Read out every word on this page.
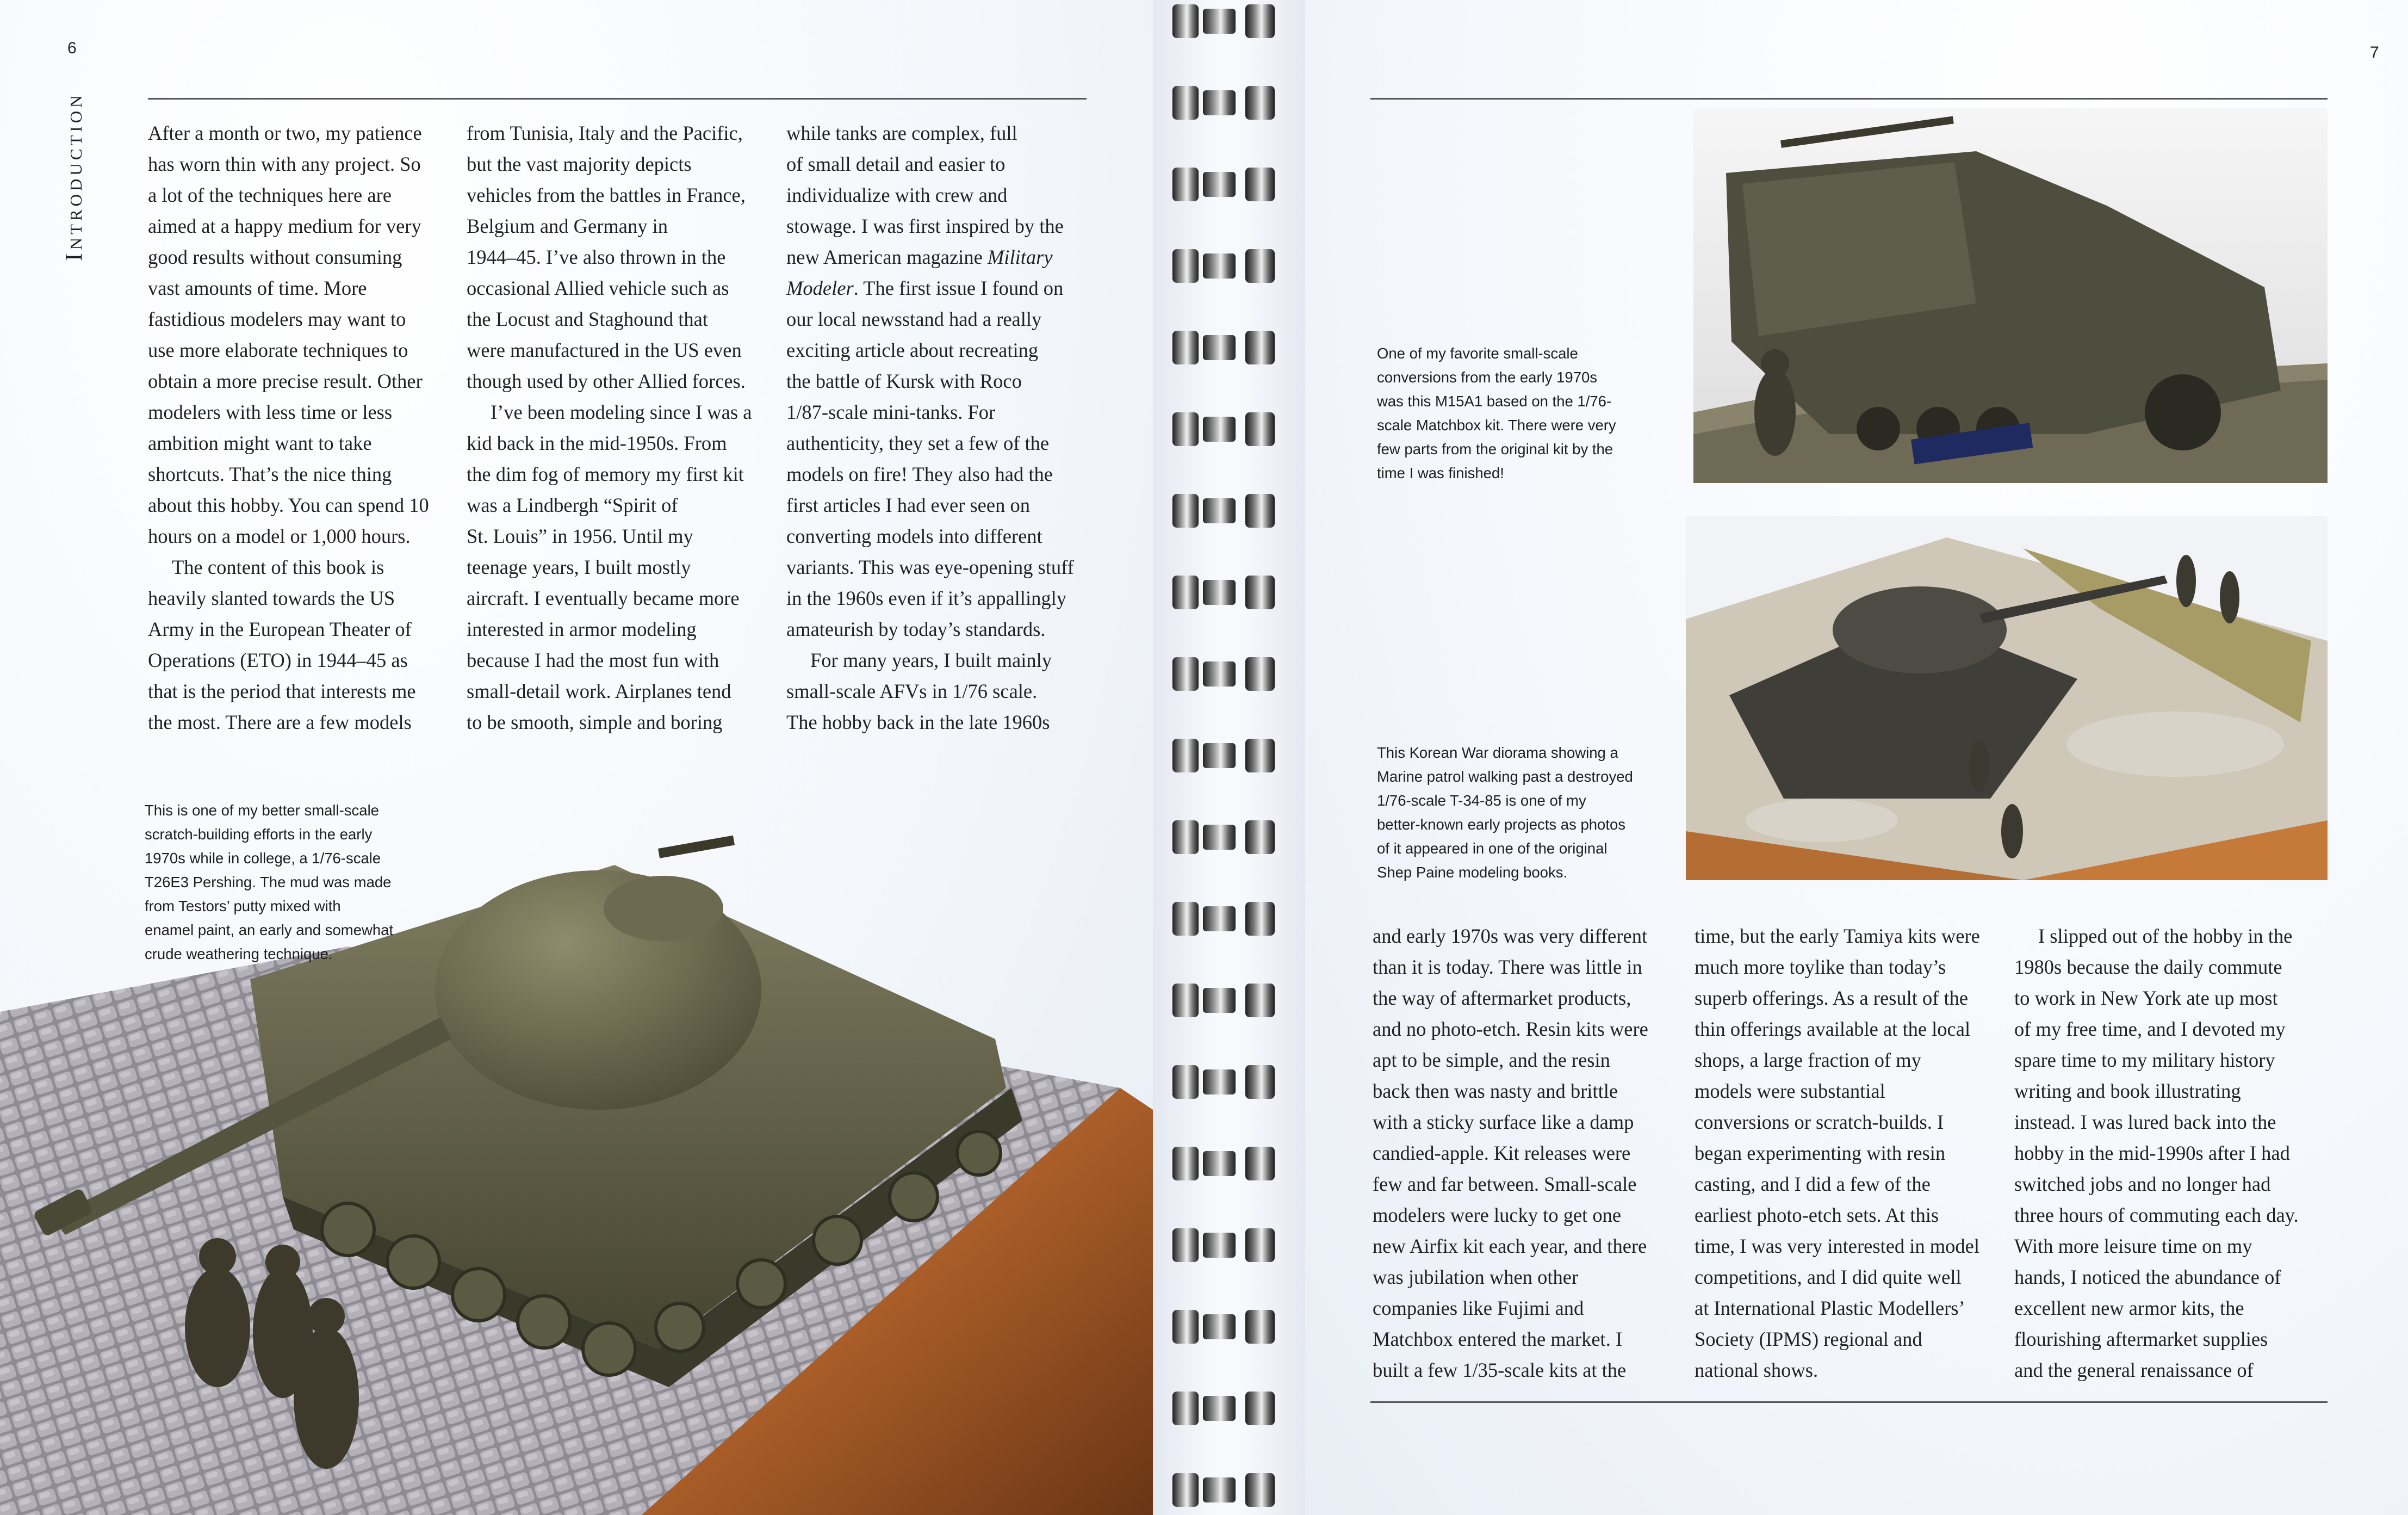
6
Introduction	After a month or two, my patience
has worn thin with any project. So
a lot of the techniques here are
aimed at a happy medium for very
good results without consuming
vast amounts of time. More
fastidious modelers may want to
use more elaborate techniques to
obtain a more precise result. Other
modelers with less time or less
ambition might want to take
shortcuts. That’s the nice thing
about this hobby. You can spend 10
hours on a model or 1,000 hours.
The content of this book is
heavily slanted towards the US
Army in the European Theater of
Operations (ETO) in 1944–45 as
that is the period that interests me
the most. There are a few models
from Tunisia, Italy and the Pacific,
but the vast majority depicts
vehicles from the battles in France,
Belgium and Germany in
1944–45. I’ve also thrown in the
occasional Allied vehicle such as
the Locust and Staghound that
were manufactured in the US even
though used by other Allied forces.
I’ve been modeling since I was a
kid back in the mid-1950s. From
the dim fog of memory my first kit
was a Lindbergh “Spirit of
St. Louis” in 1956. Until my
teenage years, I built mostly
aircraft. I eventually became more
interested in armor modeling
because I had the most fun with
small-detail work. Airplanes tend
to be smooth, simple and boring
while tanks are complex, full
of small detail and easier to
individualize with crew and
stowage. I was first inspired by the
new American magazine Military
Modeler. The first issue I found on
our local newsstand had a really
exciting article about recreating
the battle of Kursk with Roco
1/87-scale mini-tanks. For
authenticity, they set a few of the
models on fire! They also had the
first articles I had ever seen on
converting models into different
variants. This was eye-opening stuff
in the 1960s even if it’s appallingly
amateurish by today’s standards.
For many years, I built mainly
small-scale AFVs in 1/76 scale.
The hobby back in the late 1960s
This is one of my better small-scale
scratch-building efforts in the early
1970s while in college, a 1/76-scale
T26E3 Pershing. The mud was made
from Testors’ putty mixed with
enamel paint, an early and somewhat
crude weathering technique.
7
One of my favorite small-scale
conversions from the early 1970s
was this M15A1 based on the 1/76-
scale Matchbox kit. There were very
few parts from the original kit by the
time I was finished!
This Korean War diorama showing a
Marine patrol walking past a destroyed
1/76-scale T-34-85 is one of my
better-known early projects as photos
of it appeared in one of the original
Shep Paine modeling books.
and early 1970s was very different
than it is today. There was little in
the way of aftermarket products,
and no photo-etch. Resin kits were
apt to be simple, and the resin
back then was nasty and brittle
with a sticky surface like a damp
candied-apple. Kit releases were
few and far between. Small-scale
modelers were lucky to get one
new Airfix kit each year, and there
was jubilation when other
companies like Fujimi and
Matchbox entered the market. I
built a few 1/35-scale kits at the
time, but the early Tamiya kits were
much more toylike than today’s
superb offerings. As a result of the
thin offerings available at the local
shops, a large fraction of my
models were substantial
conversions or scratch-builds. I
began experimenting with resin
casting, and I did a few of the
earliest photo-etch sets. At this
time, I was very interested in model
competitions, and I did quite well
at International Plastic Modellers’
Society (IPMS) regional and
national shows.
I slipped out of the hobby in the
1980s because the daily commute
to work in New York ate up most
of my free time, and I devoted my
spare time to my military history
writing and book illustrating
instead. I was lured back into the
hobby in the mid-1990s after I had
switched jobs and no longer had
three hours of commuting each day.
With more leisure time on my
hands, I noticed the abundance of
excellent new armor kits, the
flourishing aftermarket supplies
and the general renaissance of
